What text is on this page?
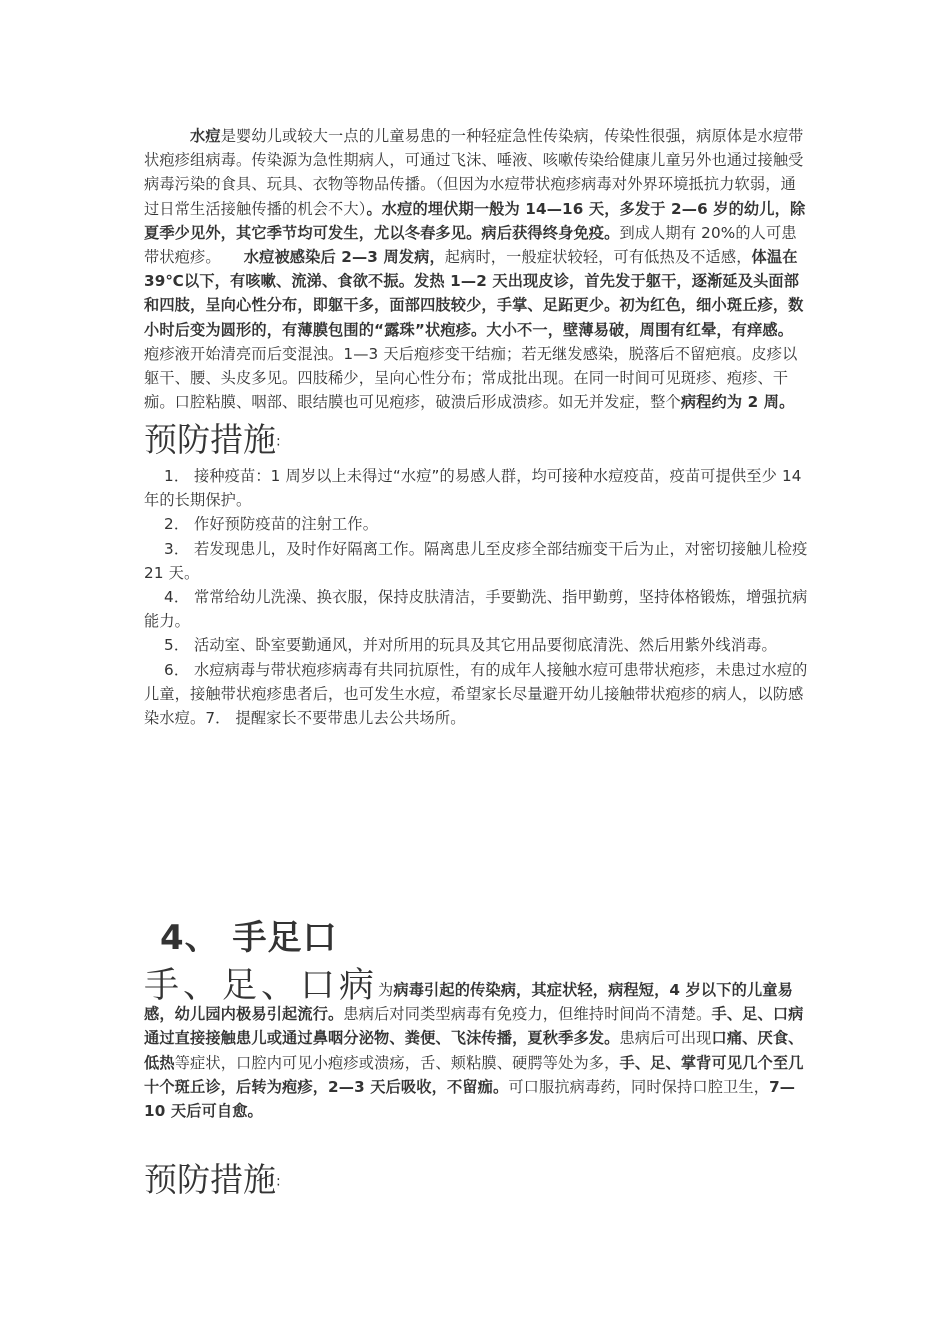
水痘是婴幼儿或较大一点的儿童易患的一种轻症急性传染病，传染性很强，病原体是水痘带状疱疹组病毒。传染源为急性期病人，可通过飞沫、唾液、咳嗽传染给健康儿童另外也通过接触受病毒污染的食具、玩具、衣物等物品传播。（但因为水痘带状疱疹病毒对外界环境抵抗力软弱，通过日常生活接触传播的机会不大）。水痘的埋伏期一般为 14—16 天，多发于 2—6 岁的幼儿，除夏季少见外，其它季节均可发生，尤以冬春多见。病后获得终身免疫。到成人期有 20%的人可患带状疱疹。　　水痘被感染后 2—3 周发病，起病时，一般症状较轻，可有低热及不适感，体温在 39℃以下，有咳嗽、流涕、食欲不振。发热 1—2 天出现皮诊，首先发于躯干，逐渐延及头面部和四肢，呈向心性分布，即躯干多，面部四肢较少，手掌、足跖更少。初为红色，细小斑丘疹，数小时后变为圆形的，有薄膜包围的“露珠”状疱疹。大小不一，壁薄易破，周围有红晕，有痒感。疱疹液开始清亮而后变混浊。1—3 天后疱疹变干结痂；若无继发感染，脱落后不留疤痕。皮疹以躯干、腰、头皮多见。四肢稀少，呈向心性分布；常成批出现。在同一时间可见斑疹、疱疹、干痂。口腔粘膜、咽部、眼结膜也可见疱疹，破溃后形成溃疹。如无并发症，整个病程约为 2 周。

预防措施:

1． 接种疫苗：1 周岁以上未得过“水痘”的易感人群，均可接种水痘疫苗，疫苗可提供至少 14 年的长期保护。

2． 作好预防疫苗的注射工作。

3． 若发现患儿，及时作好隔离工作。隔离患儿至皮疹全部结痂变干后为止，对密切接触儿检疫 21 天。

4． 常常给幼儿洗澡、换衣服，保持皮肤清洁，手要勤洗、指甲勤剪，坚持体格锻炼，增强抗病能力。

5． 活动室、卧室要勤通风，并对所用的玩具及其它用品要彻底清洗、然后用紫外线消毒。

6． 水痘病毒与带状疱疹病毒有共同抗原性，有的成年人接触水痘可患带状疱疹，未患过水痘的儿童，接触带状疱疹患者后，也可发生水痘，希望家长尽量避开幼儿接触带状疱疹的病人，以防感染水痘。7． 提醒家长不要带患儿去公共场所。

4、 手足口

手、足、口病为病毒引起的传染病，其症状轻，病程短，4 岁以下的儿童易感，幼儿园内极易引起流行。患病后对同类型病毒有免疫力，但维持时间尚不清楚。手、足、口病通过直接接触患儿或通过鼻咽分泌物、粪便、飞沫传播，夏秋季多发。患病后可出现口痛、厌食、低热等症状，口腔内可见小疱疹或溃疡，舌、颊粘膜、硬腭等处为多，手、足、掌背可见几个至几十个斑丘诊，后转为疱疹，2—3 天后吸收，不留痂。可口服抗病毒药，同时保持口腔卫生，7—10 天后可自愈。

预防措施:
